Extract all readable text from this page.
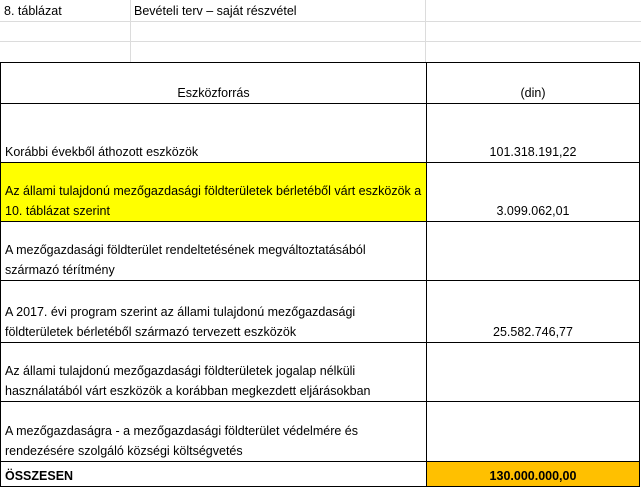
8. táblázat	Bevételi terv – saját részvétel
Eszközforrás	(din)
Korábbi évekből áthozott eszközök	101.318.191,22
Az állami tulajdonú mezőgazdasági földterületek bérletéből várt eszközök a 10. táblázat szerint	3.099.062,01
A mezőgazdasági földterület rendeltetésének megváltoztatásából származó térítmény	
A 2017. évi program szerint az állami tulajdonú mezőgazdasági földterületek bérletéből származó tervezett eszközök	25.582.746,77
Az állami tulajdonú mezőgazdasági földterületek jogalap nélküli használatából várt eszközök a korábban megkezdett eljárásokban	
A mezőgazdaságra - a mezőgazdasági földterület védelmére és rendezésére szolgáló községi költségvetés	
ÖSSZESEN	130.000.000,00
